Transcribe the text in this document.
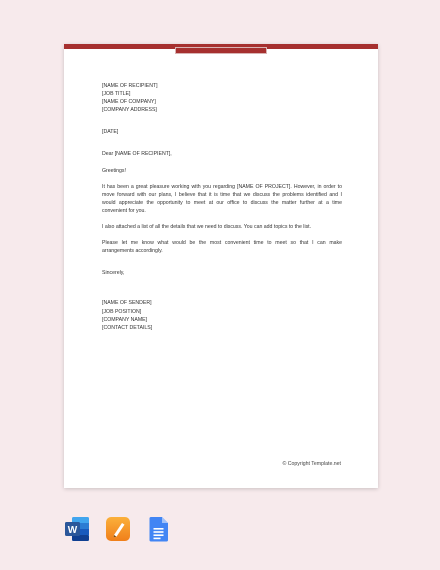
[NAME OF RECIPIENT]
[JOB TITLE]
[NAME OF COMPANY]
[COMPANY ADDRESS]
[DATE]
Dear [NAME OF RECIPIENT],
Greetings!
It has been a great pleasure working with you regarding [NAME OF PROJECT]. However, in order to
move forward with our plans, I believe that it is time that we discuss the problems identified and I
would appreciate the opportunity to meet at our office to discuss the matter further at a time
convenient for you.
I also attached a list of all the details that we need to discuss. You can add topics to the list.
Please let me know what would be the most convenient time to meet so that I can make
arrangements accordingly.
Sincerely,
[NAME OF SENDER]
[JOB POSITION]
[COMPANY NAME]
[CONTACT DETAILS]
© Copyright Template.net
W
